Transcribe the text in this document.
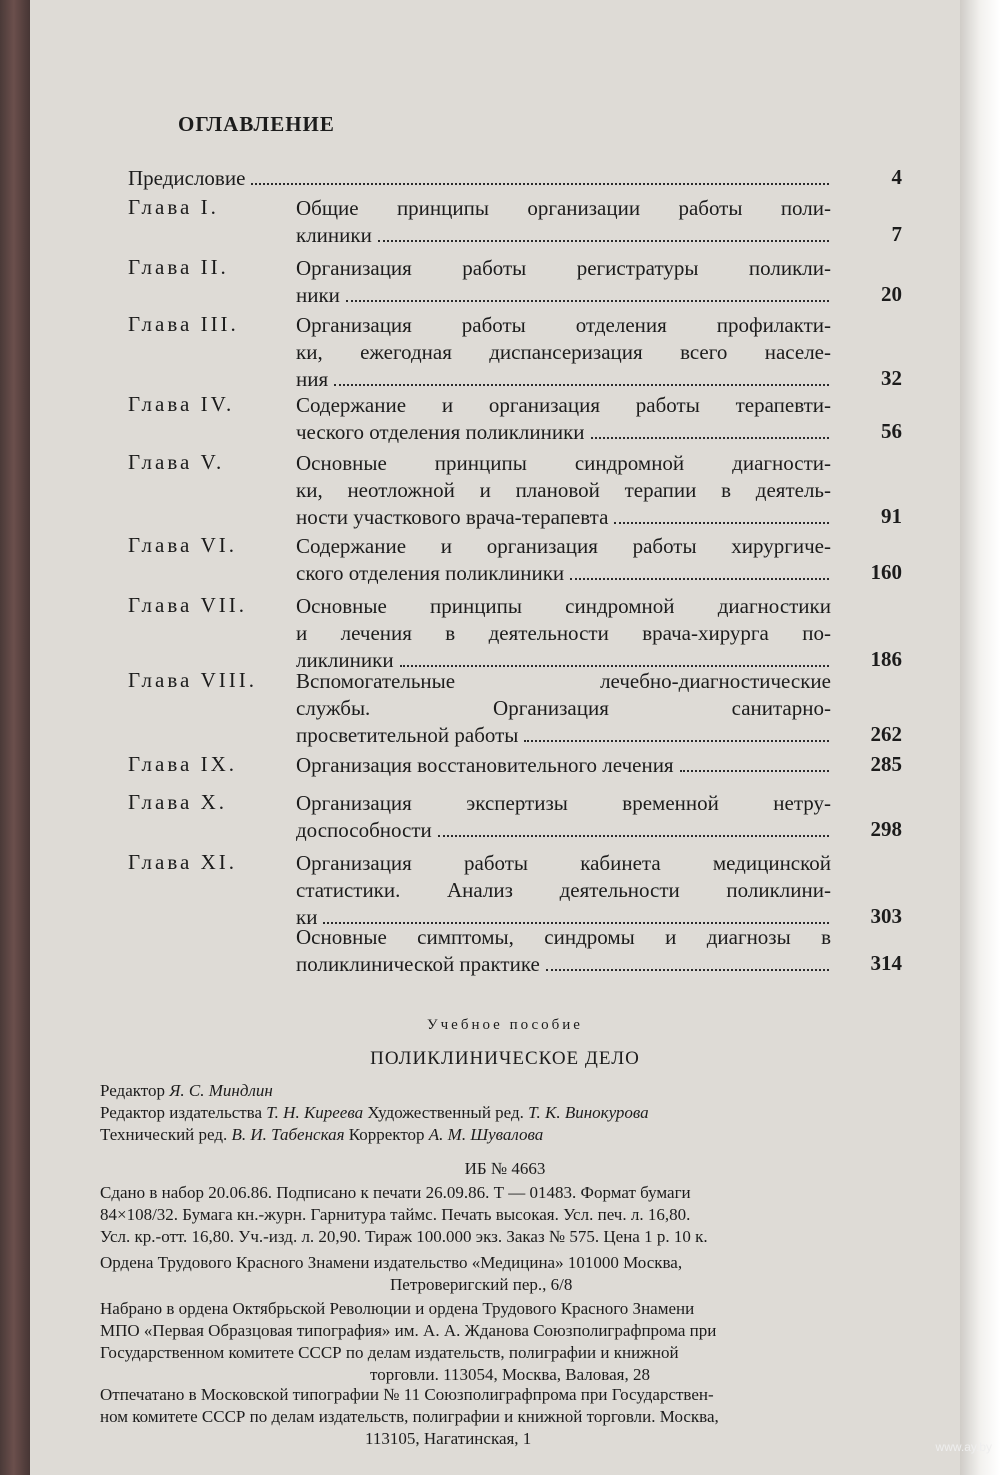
ОГЛАВЛЕНИЕ
Предисловие	4
Глава I.	Общие принципы организации работы поли-
клиники	7
Глава II.	Организация работы регистратуры поликли-
ники	20
Глава III.	Организация работы отделения профилакти-
ки, ежегодная диспансеризация всего населе-
ния	32
Глава IV.	Содержание и организация работы терапевти-
ческого отделения поликлиники	56
Глава V.	Основные принципы синдромной диагности-
ки, неотложной и плановой терапии в деятель-
ности участкового врача-терапевта	91
Глава VI.	Содержание и организация работы хирургиче-
ского отделения поликлиники	160
Глава VII. Основные принципы синдромной диагностики
и лечения в деятельности врача-хирурга по-
ликлиники	186
Глава VIII. Вспомогательные лечебно-диагностические
службы. Организация санитарно-
просветительной работы	262
Глава IX.	Организация восстановительного лечения	285
Глава X.	Организация экспертизы временной нетру-
доспособности	298
Глава XI.	Организация работы кабинета медицинской
статистики. Анализ деятельности поликлини-
ки	303
Основные симптомы, синдромы и диагнозы в
поликлинической практике	314
Учебное пособие
ПОЛИКЛИНИЧЕСКОЕ ДЕЛО
Редактор Я. С. Миндлин
Редактор издательства Т. Н. Киреева Художественный ред. Т. К. Винокурова
Технический ред. В. И. Табенская Корректор А. М. Шувалова
ИБ № 4663
Сдано в набор 20.06.86. Подписано к печати 26.09.86. Т — 01483. Формат бумаги
84×108/32. Бумага кн.-журн. Гарнитура таймс. Печать высокая. Усл. печ. л. 16,80.
Усл. кр.-отт. 16,80. Уч.-изд. л. 20,90. Тираж 100.000 экз. Заказ № 575. Цена 1 р. 10 к.
Ордена Трудового Красного Знамени издательство «Медицина» 101000 Москва,
Петроверигский пер., 6/8
Набрано в ордена Октябрьской Революции и ордена Трудового Красного Знамени
МПО «Первая Образцовая типография» им. А. А. Жданова Союзполиграфпрома при
Государственном комитете СССР по делам издательств, полиграфии и книжной
торговли. 113054, Москва, Валовая, 28
Отпечатано в Московской типографии № 11 Союзполиграфпрома при Государствен-
ном комитете СССР по делам издательств, полиграфии и книжной торговли. Москва,
113105, Нагатинская, 1	www.ay.by
